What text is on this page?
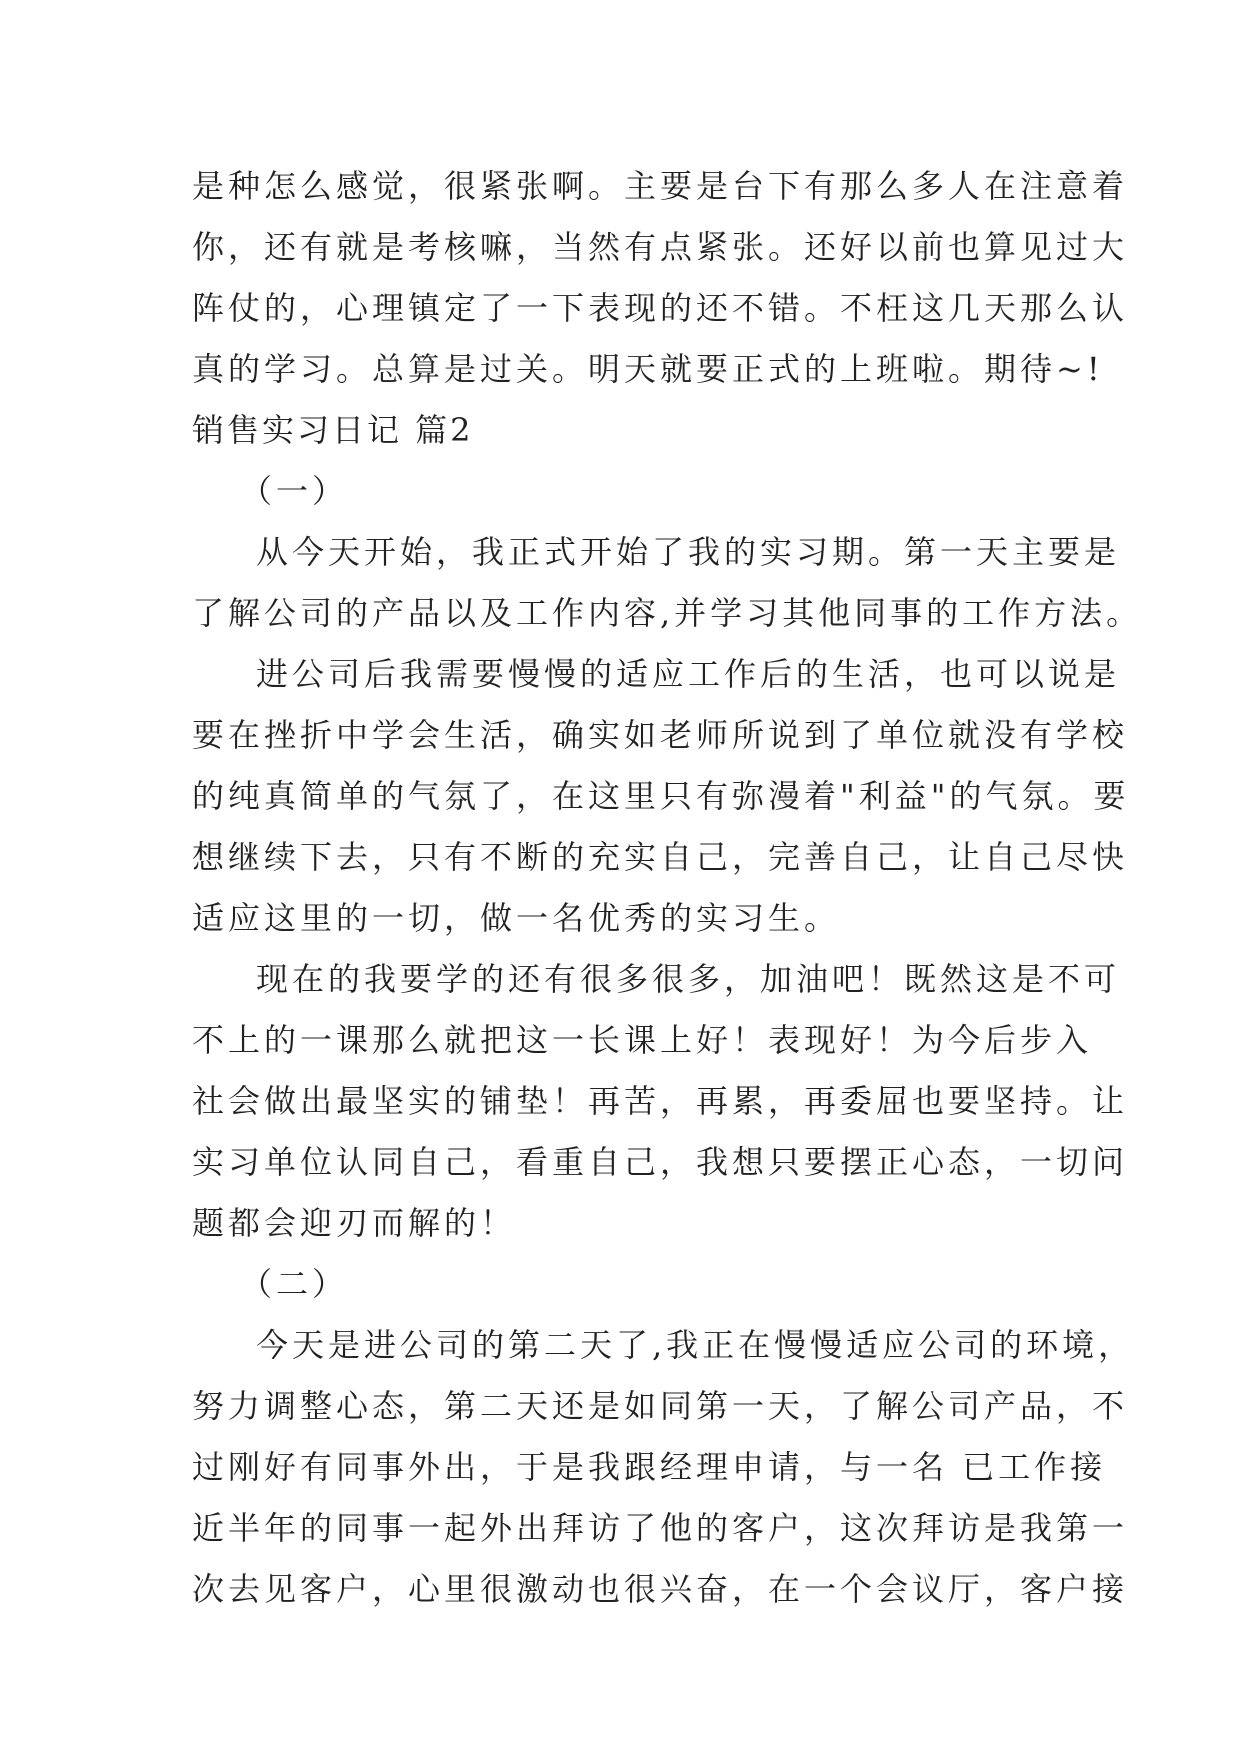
是种怎么感觉，很紧张啊。主要是台下有那么多人在注意着
你，还有就是考核嘛，当然有点紧张。还好以前也算见过大
阵仗的，心理镇定了一下表现的还不错。不枉这几天那么认
真的学习。总算是过关。明天就要正式的上班啦。期待~!
销售实习日记 篇2
（一）
从今天开始，我正式开始了我的实习期。第一天主要是
了解公司的产品以及工作内容,并学习其他同事的工作方法。
进公司后我需要慢慢的适应工作后的生活，也可以说是
要在挫折中学会生活，确实如老师所说到了单位就没有学校
的纯真简单的气氛了，在这里只有弥漫着"利益"的气氛。要
想继续下去，只有不断的充实自己，完善自己，让自己尽快
适应这里的一切，做一名优秀的实习生。
现在的我要学的还有很多很多，加油吧！既然这是不可
不上的一课那么就把这一长课上好！表现好！为今后步入
社会做出最坚实的铺垫！再苦，再累，再委屈也要坚持。让
实习单位认同自己，看重自己，我想只要摆正心态，一切问
题都会迎刃而解的！
（二）
今天是进公司的第二天了,我正在慢慢适应公司的环境，
努力调整心态，第二天还是如同第一天，了解公司产品，不
过刚好有同事外出，于是我跟经理申请，与一名 已工作接
近半年的同事一起外出拜访了他的客户，这次拜访是我第一
次去见客户，心里很激动也很兴奋，在一个会议厅，客户接
